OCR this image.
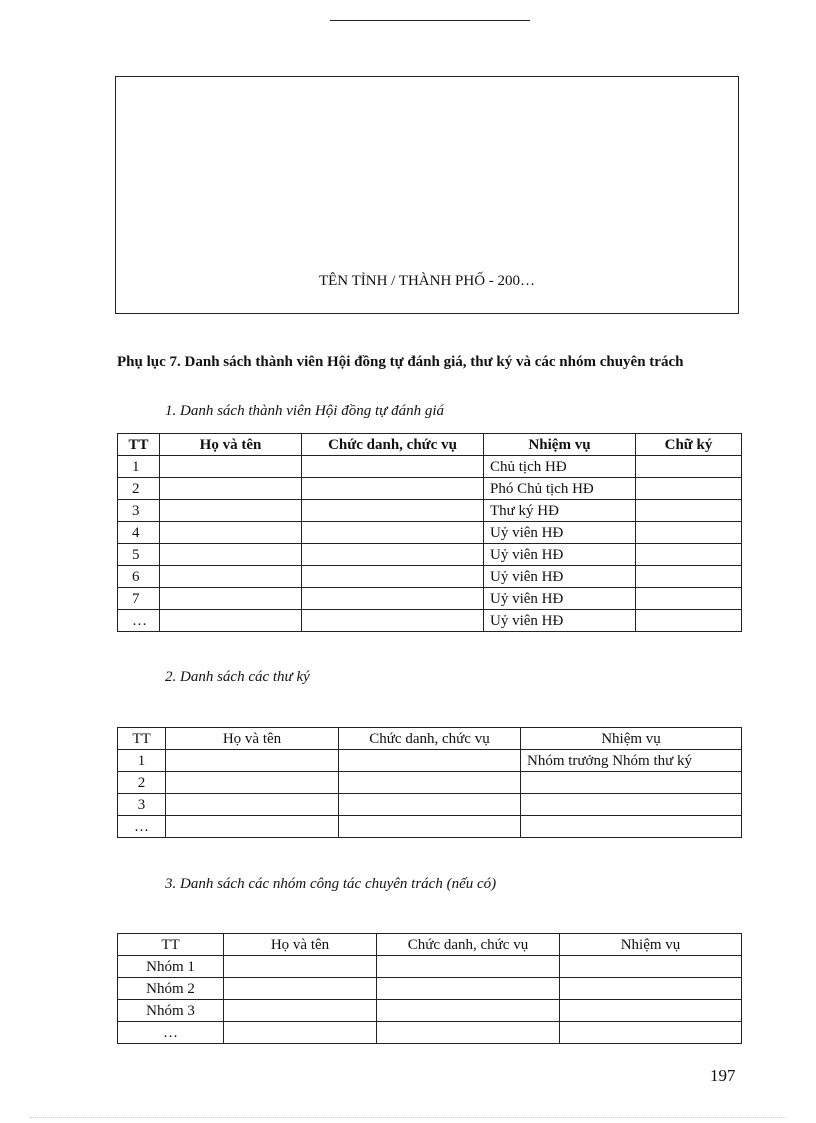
TÊN TỈNH / THÀNH PHỐ - 200…
Phụ lục 7. Danh sách thành viên Hội đồng tự đánh giá, thư ký và các nhóm chuyên trách
1. Danh sách thành viên Hội đồng tự đánh giá
TT	Họ và tên	Chức danh, chức vụ	Nhiệm vụ	Chữ ký
1			Chủ tịch HĐ	
2			Phó Chủ tịch HĐ	
3			Thư ký HĐ	
4			Uỷ viên HĐ	
5			Uỷ viên HĐ	
6			Uỷ viên HĐ	
7			Uỷ viên HĐ	
…			Uỷ viên HĐ	
2. Danh sách các thư ký
TT	Họ và tên	Chức danh, chức vụ	Nhiệm vụ
1			Nhóm trưởng Nhóm thư ký
2			
3			
…			
3. Danh sách các nhóm công tác chuyên trách (nếu có)
TT	Họ và tên	Chức danh, chức vụ	Nhiệm vụ
Nhóm 1			
Nhóm 2			
Nhóm 3			
…			
197
